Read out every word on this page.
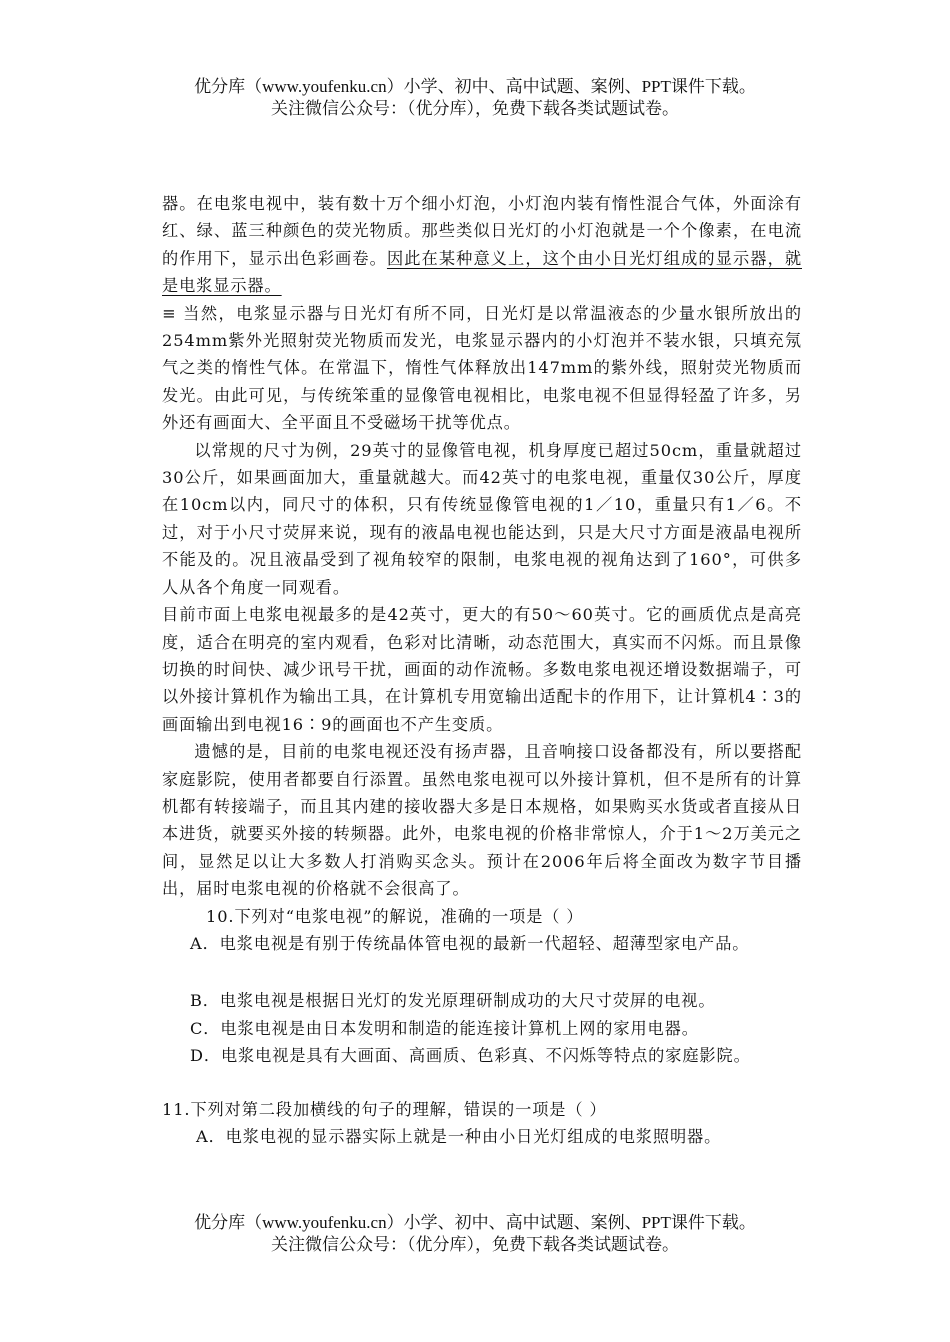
优分库（www.youfenku.cn）小学、初中、高中试题、案例、PPT课件下载。
关注微信公众号：（优分库），免费下载各类试题试卷。

器。在电浆电视中，装有数十万个细小灯泡，小灯泡内装有惰性混合气体，外面涂有红、绿、蓝三种颜色的荧光物质。那些类似日光灯的小灯泡就是一个个像素，在电流的作用下，显示出色彩画卷。因此在某种意义上，这个由小日光灯组成的显示器，就是电浆显示器。

≡ 当然，电浆显示器与日光灯有所不同，日光灯是以常温液态的少量水银所放出的254mm紫外光照射荧光物质而发光，电浆显示器内的小灯泡并不装水银，只填充氖气之类的惰性气体。在常温下，惰性气体释放出147mm的紫外线，照射荧光物质而发光。由此可见，与传统笨重的显像管电视相比，电浆电视不但显得轻盈了许多，另外还有画面大、全平面且不受磁场干扰等优点。

以常规的尺寸为例，29英寸的显像管电视，机身厚度已超过50cm，重量就超过30公斤，如果画面加大，重量就越大。而42英寸的电浆电视，重量仅30公斤，厚度在10cm以内，同尺寸的体积，只有传统显像管电视的1／10，重量只有1／6。不过，对于小尺寸荧屏来说，现有的液晶电视也能达到，只是大尺寸方面是液晶电视所不能及的。况且液晶受到了视角较窄的限制，电浆电视的视角达到了160°，可供多人从各个角度一同观看。

目前市面上电浆电视最多的是42英寸，更大的有50～60英寸。它的画质优点是高亮度，适合在明亮的室内观看，色彩对比清晰，动态范围大，真实而不闪烁。而且景像切换的时间快、减少讯号干扰，画面的动作流畅。多数电浆电视还增设数据端子，可以外接计算机作为输出工具，在计算机专用宽输出适配卡的作用下，让计算机4∶3的画面输出到电视16∶9的画面也不产生变质。

遗憾的是，目前的电浆电视还没有扬声器，且音响接口设备都没有，所以要搭配家庭影院，使用者都要自行添置。虽然电浆电视可以外接计算机，但不是所有的计算机都有转接端子，而且其内建的接收器大多是日本规格，如果购买水货或者直接从日本进货，就要买外接的转频器。此外，电浆电视的价格非常惊人，介于1～2万美元之间，显然足以让大多数人打消购买念头。预计在2006年后将全面改为数字节目播出，届时电浆电视的价格就不会很高了。

10.下列对“电浆电视”的解说，准确的一项是（ ）

A．电浆电视是有别于传统晶体管电视的最新一代超轻、超薄型家电产品。

B．电浆电视是根据日光灯的发光原理研制成功的大尺寸荧屏的电视。

C．电浆电视是由日本发明和制造的能连接计算机上网的家用电器。

D．电浆电视是具有大画面、高画质、色彩真、不闪烁等特点的家庭影院。

11.下列对第二段加横线的句子的理解，错误的一项是（ ）

A．电浆电视的显示器实际上就是一种由小日光灯组成的电浆照明器。

优分库（www.youfenku.cn）小学、初中、高中试题、案例、PPT课件下载。
关注微信公众号：（优分库），免费下载各类试题试卷。
